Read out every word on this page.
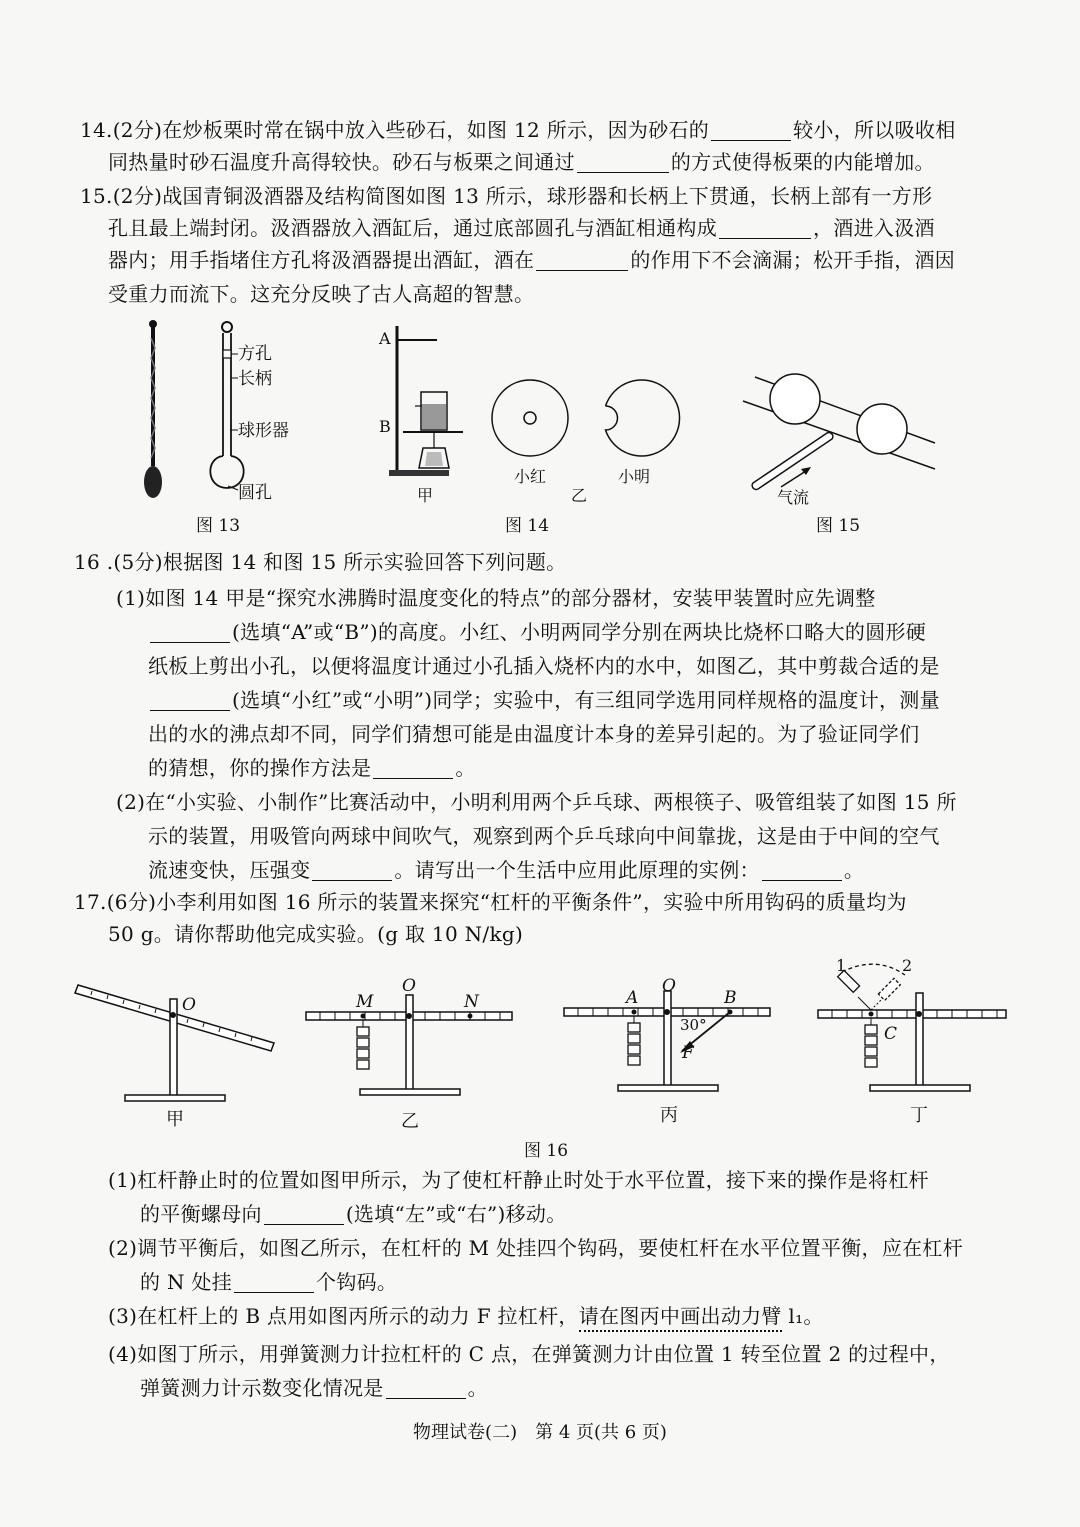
14.(2分)在炒板栗时常在锅中放入些砂石，如图 12 所示，因为砂石的	较小，所以吸收相
同热量时砂石温度升高得较快。砂石与板栗之间通过	的方式使得板栗的内能增加。
15.(2分)战国青铜汲酒器及结构简图如图 13 所示，球形器和长柄上下贯通，长柄上部有一方形
孔且最上端封闭。汲酒器放入酒缸后，通过底部圆孔与酒缸相通构成	，酒进入汲酒
器内；用手指堵住方孔将汲酒器提出酒缸，酒在	的作用下不会滴漏；松开手指，酒因
受重力而流下。这充分反映了古人高超的智慧。
方孔
长柄
球形器
圆孔
图 13
A
B
甲
小红	小明
乙
图 14
气流
图 15
16 .(5分)根据图 14 和图 15 所示实验回答下列问题。
(1)如图 14 甲是“探究水沸腾时温度变化的特点”的部分器材，安装甲装置时应先调整
(选填“A”或“B”)的高度。小红、小明两同学分别在两块比烧杯口略大的圆形硬
纸板上剪出小孔，以便将温度计通过小孔插入烧杯内的水中，如图乙，其中剪裁合适的是
(选填“小红”或“小明”)同学；实验中，有三组同学选用同样规格的温度计，测量
出的水的沸点却不同，同学们猜想可能是由温度计本身的差异引起的。为了验证同学们
的猜想，你的操作方法是	。
(2)在“小实验、小制作”比赛活动中，小明利用两个乒乓球、两根筷子、吸管组装了如图 15 所
示的装置，用吸管向两球中间吹气，观察到两个乒乓球向中间靠拢，这是由于中间的空气
流速变快，压强变	。请写出一个生活中应用此原理的实例：	。
17.(6分)小李利用如图 16 所示的装置来探究“杠杆的平衡条件”，实验中所用钩码的质量均为
50 g。请你帮助他完成实验。(g 取 10 N/kg)
O
甲
M
O
N
乙
A
O
B
30°
F
丙
1	2
C
丁
图 16
(1)杠杆静止时的位置如图甲所示，为了使杠杆静止时处于水平位置，接下来的操作是将杠杆
的平衡螺母向	(选填“左”或“右”)移动。
(2)调节平衡后，如图乙所示，在杠杆的 M 处挂四个钩码，要使杠杆在水平位置平衡，应在杠杆
的 N 处挂	个钩码。
(3)在杠杆上的 B 点用如图丙所示的动力 F 拉杠杆，请在图丙中画出动力臂 l₁。
(4)如图丁所示，用弹簧测力计拉杠杆的 C 点，在弹簧测力计由位置 1 转至位置 2 的过程中，
弹簧测力计示数变化情况是	。
物理试卷(二)　第 4 页(共 6 页)
